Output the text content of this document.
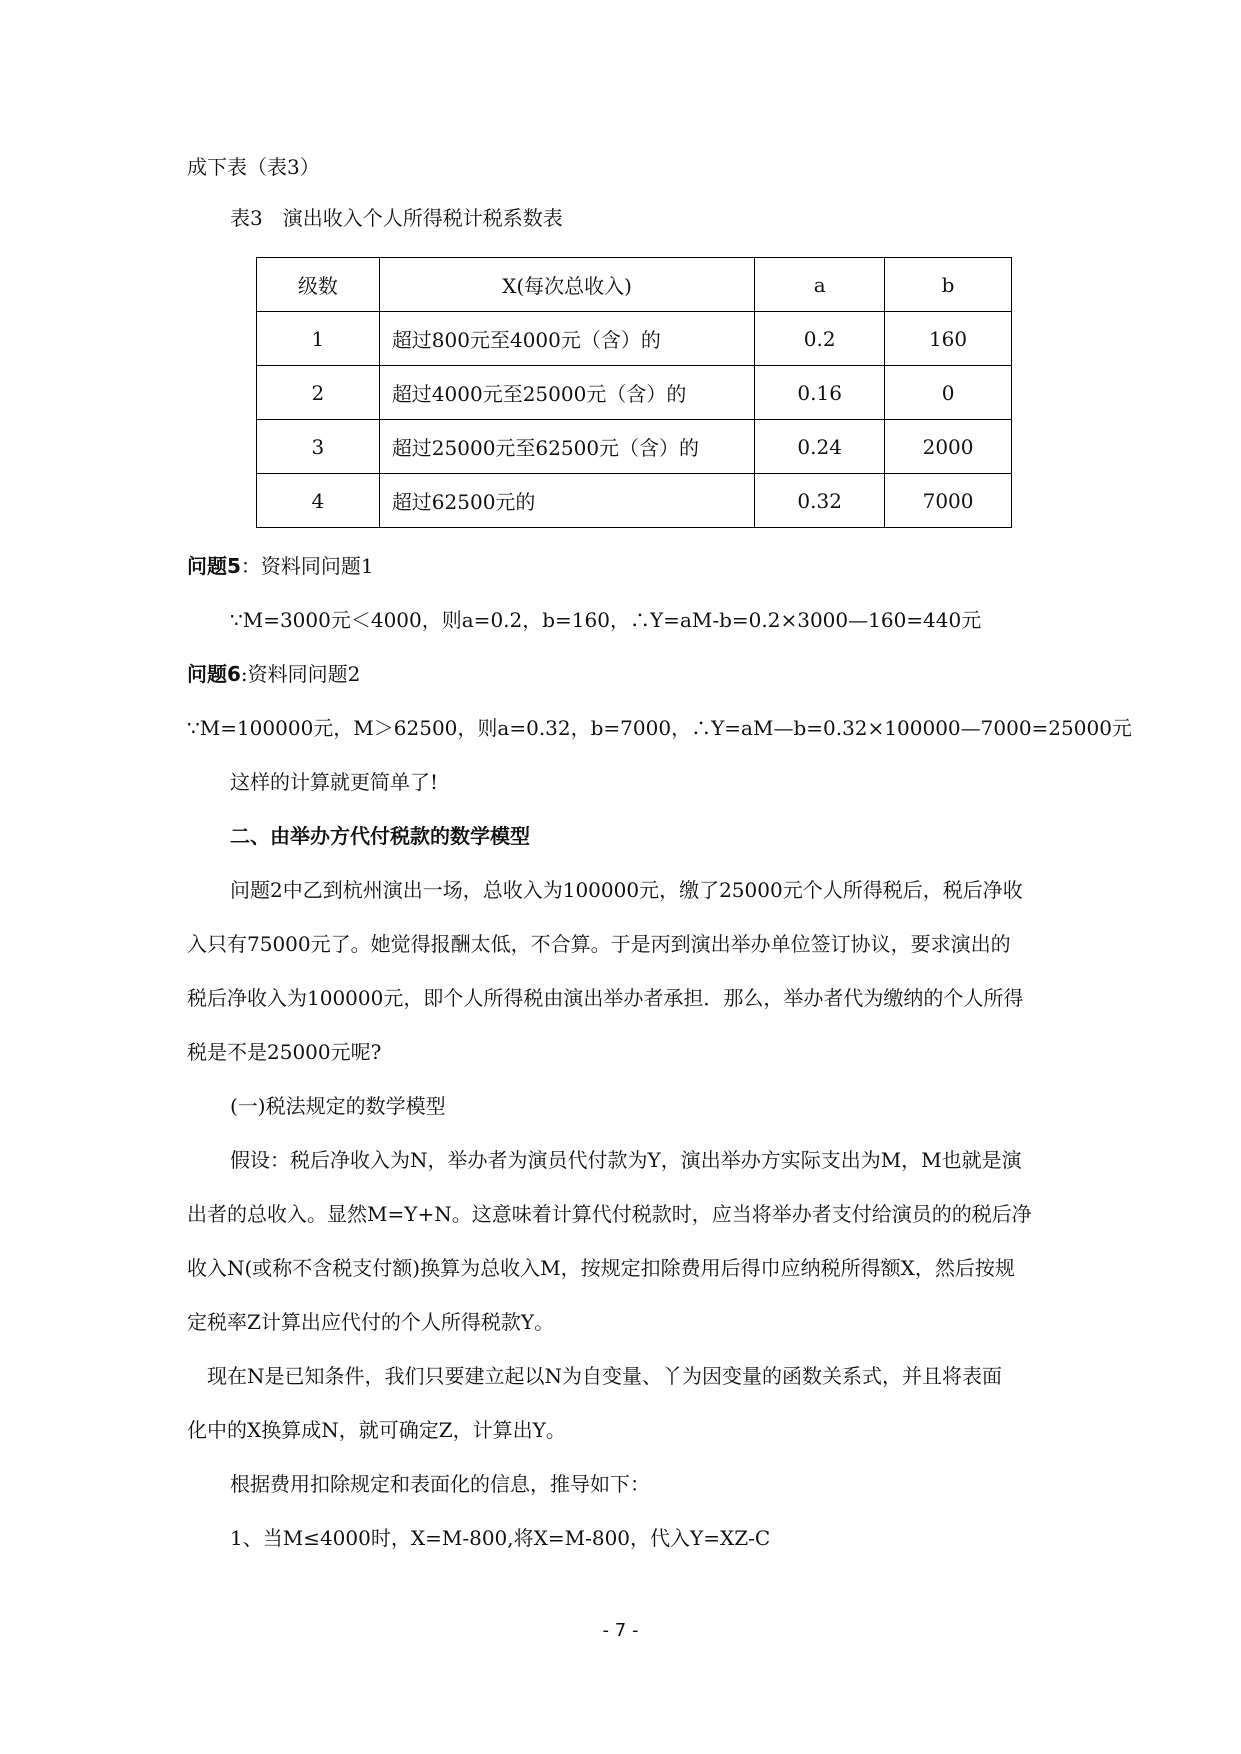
成下表（表3）
表3　演出收入个人所得税计税系数表
级数	X(每次总收入)	a	b
1	超过800元至4000元（含）的	0.2	160
2	超过4000元至25000元（含）的	0.16	0
3	超过25000元至62500元（含）的	0.24	2000
4	超过62500元的	0.32	7000
问题5：资料同问题1
∵M=3000元＜4000，则a=0.2，b=160，∴Y=aM-b=0.2×3000—160=440元
问题6:资料同问题2
∵M=100000元，M＞62500，则a=0.32，b=7000，∴Y=aM—b=0.32×100000—7000=25000元
这样的计算就更简单了!
二、由举办方代付税款的数学模型
问题2中乙到杭州演出一场，总收入为100000元，缴了25000元个人所得税后，税后净收
入只有75000元了。她觉得报酬太低，不合算。于是丙到演出举办单位签订协议，要求演出的
税后净收入为100000元，即个人所得税由演出举办者承担．那么，举办者代为缴纳的个人所得
税是不是25000元呢?
(一)税法规定的数学模型
假设：税后净收入为N，举办者为演员代付款为Y，演出举办方实际支出为M，M也就是演
出者的总收入。显然M=Y+N。这意味着计算代付税款时，应当将举办者支付给演员的的税后净
收入N(或称不含税支付额)换算为总收入M，按规定扣除费用后得巾应纳税所得额X，然后按规
定税率Z计算出应代付的个人所得税款Y。
现在N是已知条件，我们只要建立起以N为自变量、丫为因变量的函数关系式，并且将表面
化中的X换算成N，就可确定Z，计算出Y。
根据费用扣除规定和表面化的信息，推导如下：
1、当M≤4000时，X=M-800,将X=M-800，代入Y=XZ-C
- 7 -
